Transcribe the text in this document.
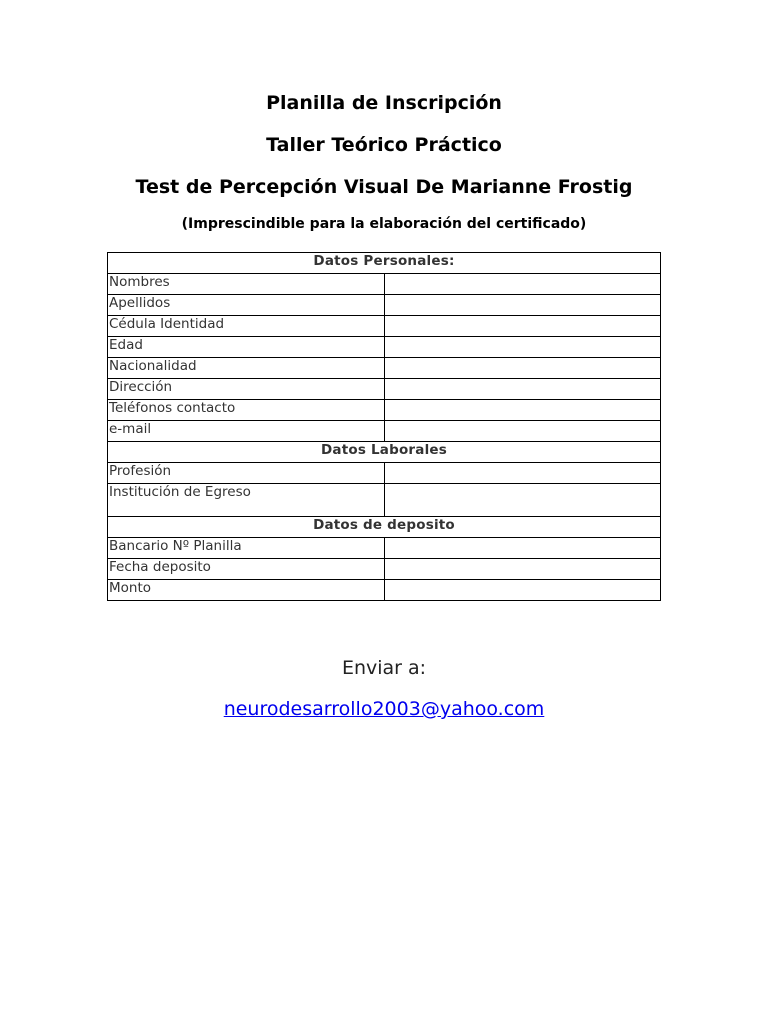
Planilla de Inscripción
Taller Teórico Práctico
Test de Percepción Visual De Marianne Frostig
(Imprescindible para la elaboración del certificado)
Datos Personales:	
Nombres	
Apellidos	
Cédula Identidad	
Edad	
Nacionalidad	
Dirección	
Teléfonos contacto	
e-mail	
Datos Laborales	
Profesión	
Institución de Egreso	
Datos de deposito	
Bancario Nº Planilla	
Fecha deposito	
Monto	
Enviar a:
neurodesarrollo2003@yahoo.com
